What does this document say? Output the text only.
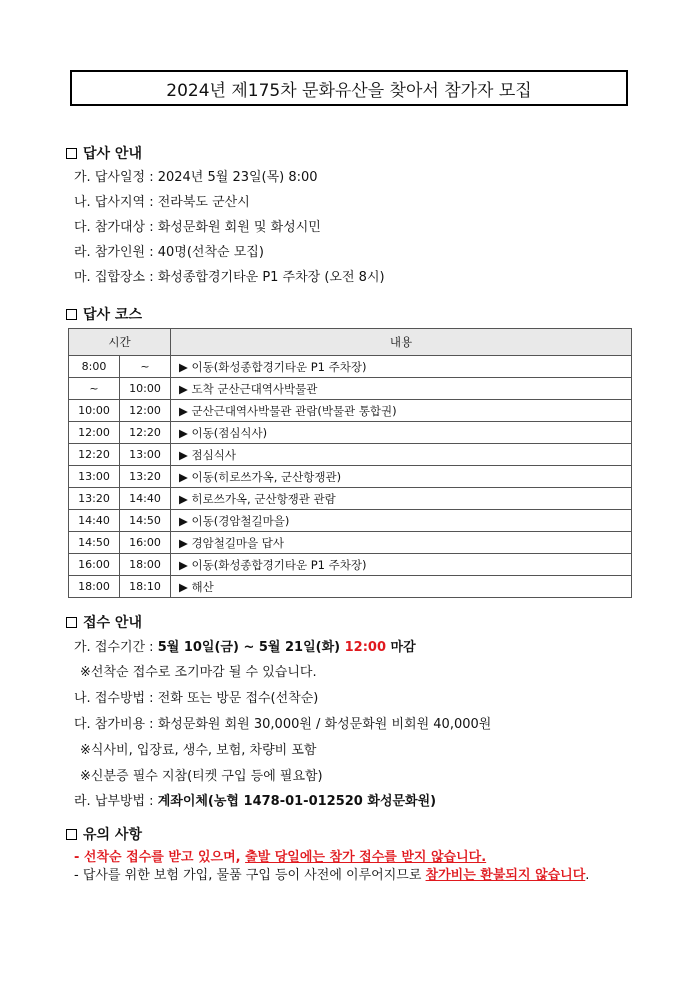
2024년 제175차 문화유산을 찾아서 참가자 모집
답사 안내
가. 답사일정 : 2024년 5월 23일(목) 8:00
나. 답사지역 : 전라북도 군산시
다. 참가대상 : 화성문화원 회원 및 화성시민
라. 참가인원 : 40명(선착순 모집)
마. 집합장소 : 화성종합경기타운 P1 주차장 (오전 8시)
답사 코스
시간		내용
8:00	~	▶ 이동(화성종합경기타운 P1 주차장)
~	10:00	▶ 도착 군산근대역사박물관
10:00	12:00	▶ 군산근대역사박물관 관람(박물관 통합권)
12:00	12:20	▶ 이동(점심식사)
12:20	13:00	▶ 점심식사
13:00	13:20	▶ 이동(히로쓰가옥, 군산항쟁관)
13:20	14:40	▶ 히로쓰가옥, 군산항쟁관 관람
14:40	14:50	▶ 이동(경암철길마을)
14:50	16:00	▶ 경암철길마을 답사
16:00	18:00	▶ 이동(화성종합경기타운 P1 주차장)
18:00	18:10	▶ 해산
접수 안내
가. 접수기간 : 5월 10일(금) ~ 5월 21일(화) 12:00 마감
※선착순 접수로 조기마감 될 수 있습니다.
나. 접수방법 : 전화 또는 방문 접수(선착순)
다. 참가비용 : 화성문화원 회원 30,000원 / 화성문화원 비회원 40,000원
※식사비, 입장료, 생수, 보험, 차량비 포함
※신분증 필수 지참(티켓 구입 등에 필요함)
라. 납부방법 : 계좌이체(농협 1478-01-012520 화성문화원)
유의 사항
- 선착순 접수를 받고 있으며, 출발 당일에는 참가 접수를 받지 않습니다.
- 답사를 위한 보험 가입, 물품 구입 등이 사전에 이루어지므로 참가비는 환불되지 않습니다.
